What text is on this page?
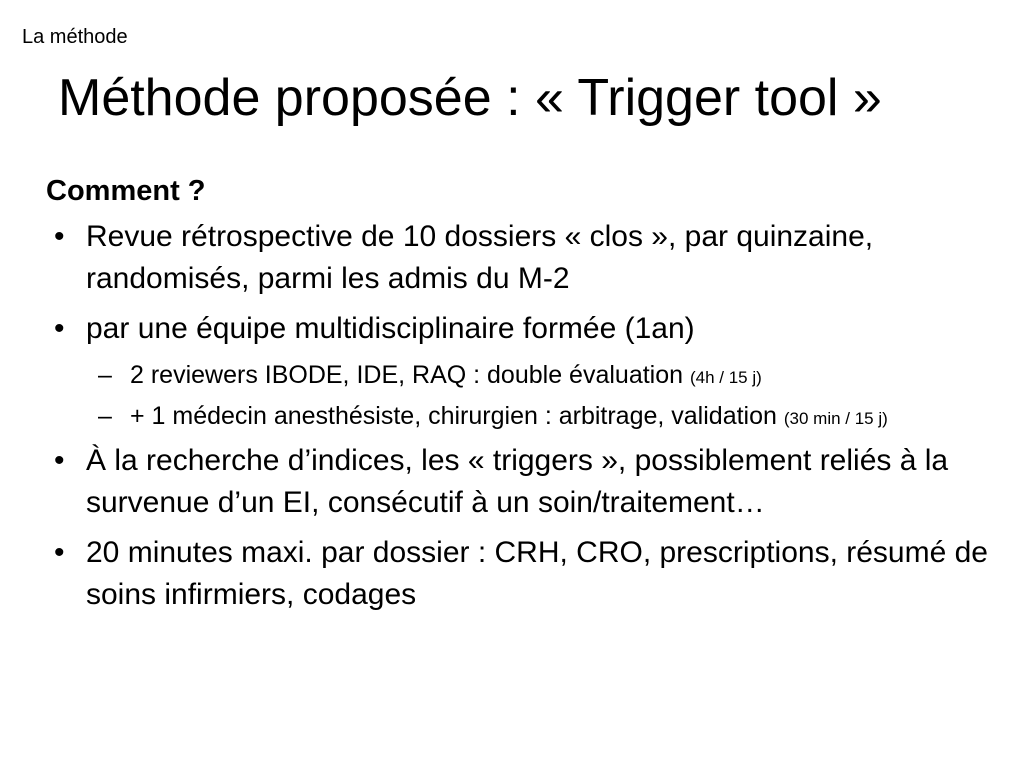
La méthode
Méthode proposée : « Trigger tool »
Comment ?
• Revue rétrospective de 10 dossiers « clos », par quinzaine, randomisés, parmi les admis du M-2
• par une équipe multidisciplinaire formée (1an)
– 2 reviewers IBODE, IDE, RAQ : double évaluation (4h / 15 j)
– + 1 médecin anesthésiste, chirurgien : arbitrage, validation (30 min / 15 j)
• À la recherche d’indices, les « triggers », possiblement reliés à la survenue d’un EI, consécutif à un soin/traitement…
• 20 minutes maxi. par dossier : CRH, CRO, prescriptions, résumé de soins infirmiers, codages
